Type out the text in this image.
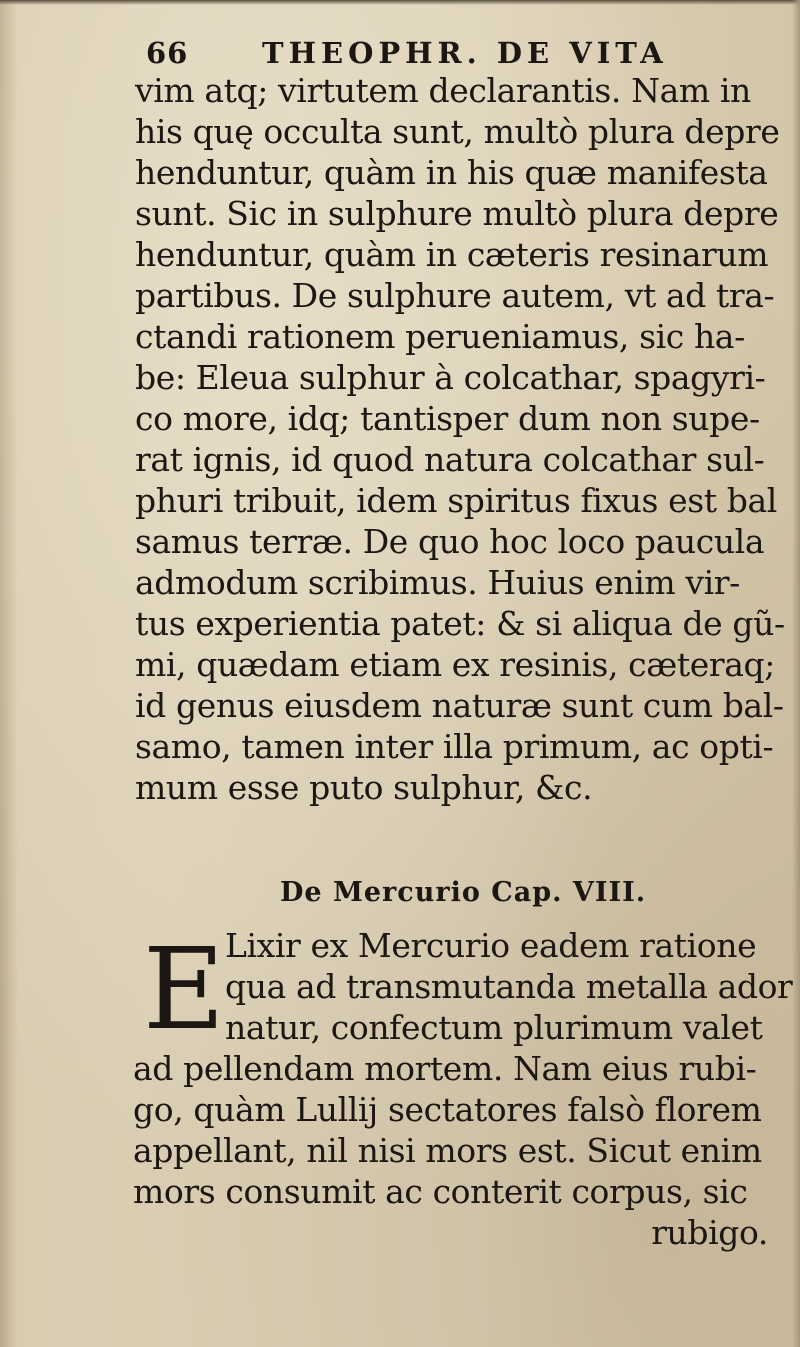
66	THEOPHR. DE VITA
vim atq; virtutem declarantis. Nam in
his quę occulta sunt, multò plura depre
henduntur, quàm in his quæ manifesta
sunt. Sic in sulphure multò plura depre
henduntur, quàm in cæteris resinarum
partibus. De sulphure autem, vt ad tra-
ctandi rationem perueniamus, sic ha-
be: Eleua sulphur à colcathar, spagyri-
co more, idq; tantisper dum non supe-
rat ignis, id quod natura colcathar sul-
phuri tribuit, idem spiritus fixus est bal
samus terræ. De quo hoc loco paucula
admodum scribimus. Huius enim vir-
tus experientia patet: & si aliqua de gũ-
mi, quædam etiam ex resinis, cæteraq;
id genus eiusdem naturæ sunt cum bal-
samo, tamen inter illa primum, ac opti-
mum esse puto sulphur, &c.
De Mercurio Cap. VIII.
E Lixir ex Mercurio eadem ratione
qua ad transmutanda metalla ador
natur, confectum plurimum valet
ad pellendam mortem. Nam eius rubi-
go, quàm Lullij sectatores falsò florem
appellant, nil nisi mors est. Sicut enim
mors consumit ac conterit corpus, sic
rubigo.
